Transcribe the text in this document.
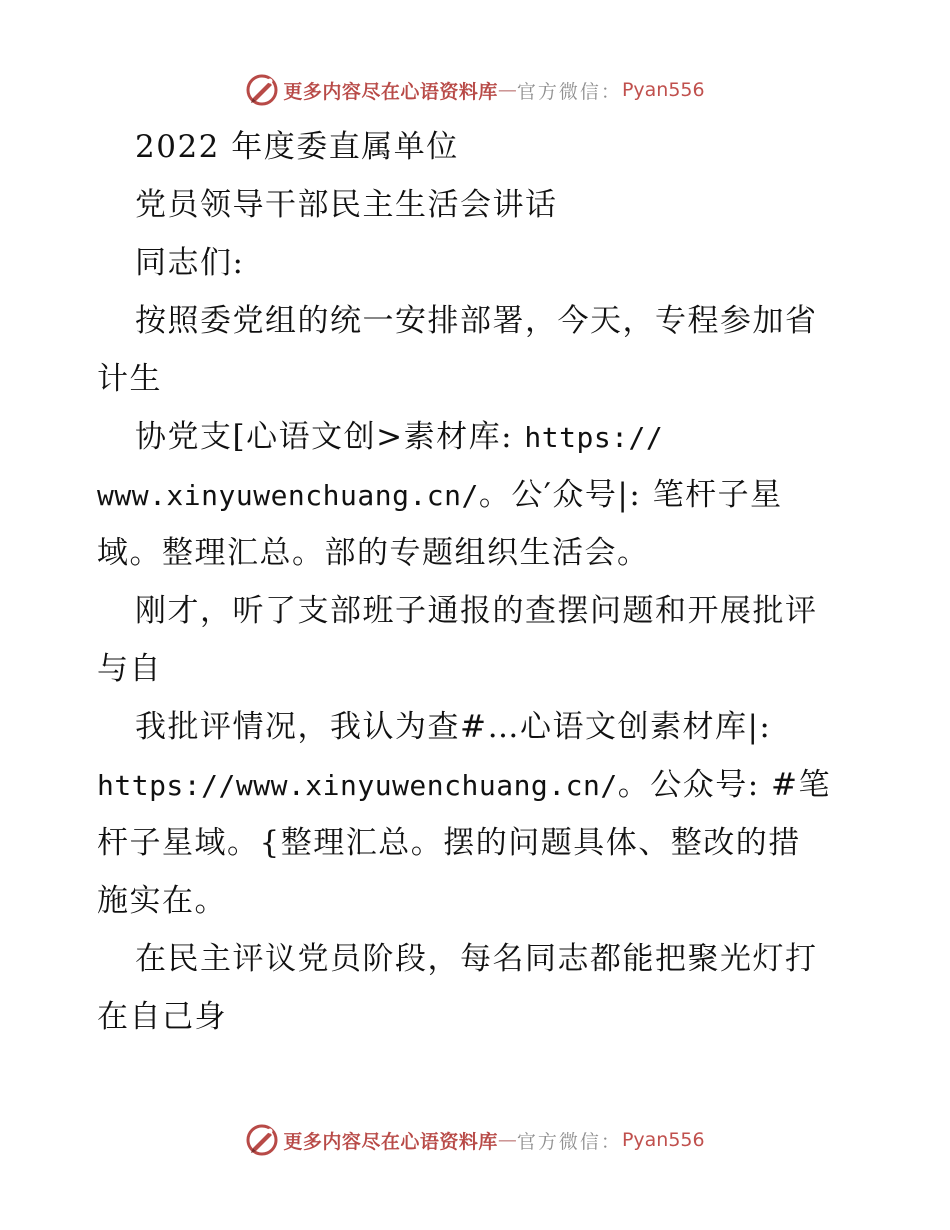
更多内容尽在心语资料库 — 官方微信： Pyan556
2022 年度委直属单位
党员领导干部民主生活会讲话
同志们:
按照委党组的统一安排部署，今天，专程参加省
计生
协党支[心语文创>素材库: https://
www.xinyuwenchuang.cn/。公′众号|: 笔杆子星
域。整理汇总。部的专题组织生活会。
刚才，听了支部班子通报的查摆问题和开展批评
与自
我批评情况，我认为查#…心语文创素材库|:
https://www.xinyuwenchuang.cn/。公众号: #笔
杆子星域。{整理汇总。摆的问题具体、整改的措
施实在。
在民主评议党员阶段，每名同志都能把聚光灯打
在自己身
更多内容尽在心语资料库 — 官方微信： Pyan556
